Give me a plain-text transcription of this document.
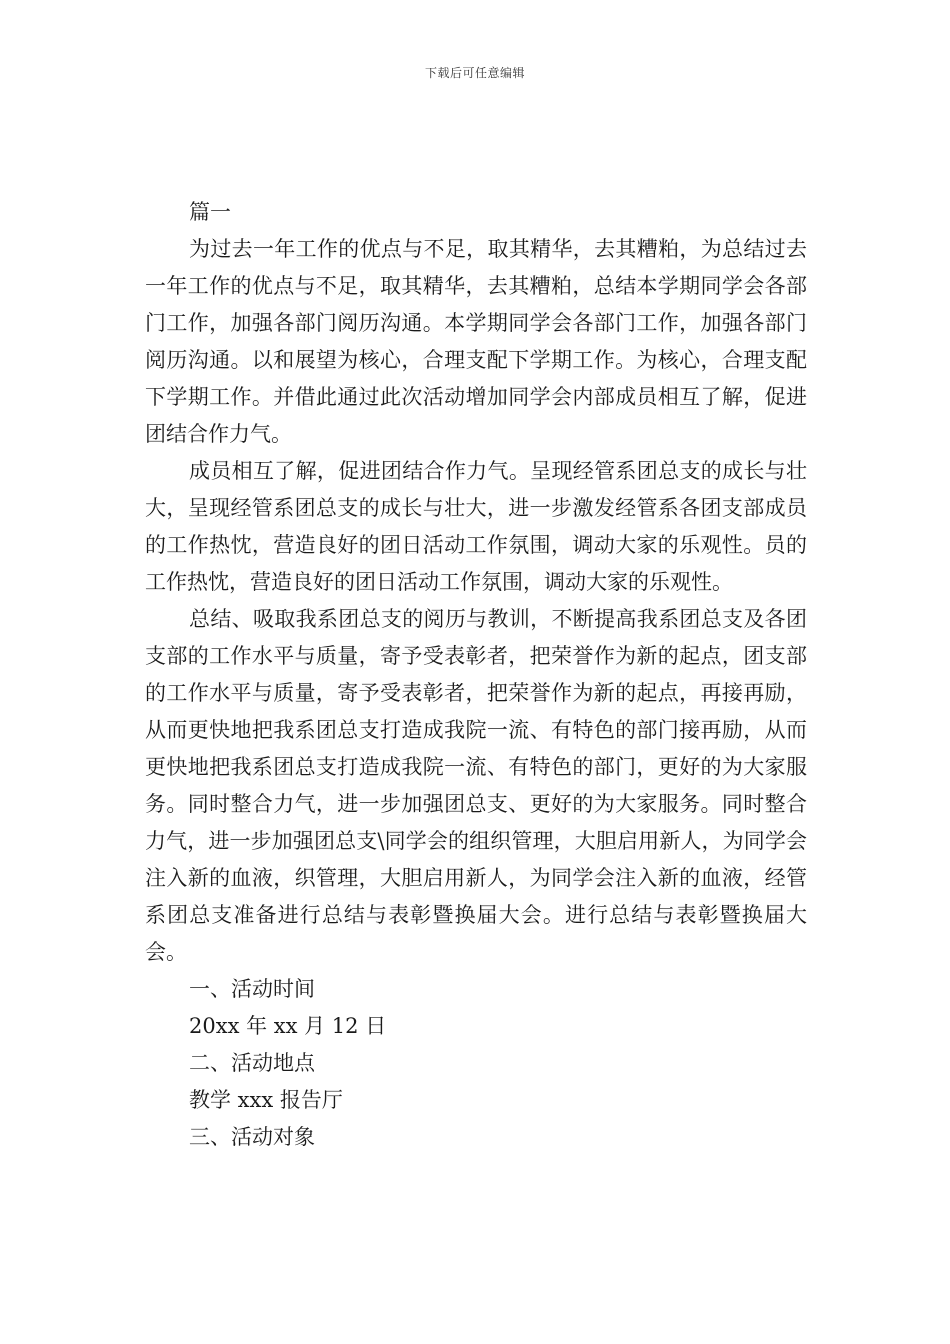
下载后可任意编辑

篇一

为过去一年工作的优点与不足，取其精华，去其糟粕，为总结过去一年工作的优点与不足，取其精华，去其糟粕，总结本学期同学会各部门工作，加强各部门阅历沟通。本学期同学会各部门工作，加强各部门阅历沟通。以和展望为核心，合理支配下学期工作。为核心，合理支配下学期工作。并借此通过此次活动增加同学会内部成员相互了解，促进团结合作力气。

成员相互了解，促进团结合作力气。呈现经管系团总支的成长与壮大，呈现经管系团总支的成长与壮大，进一步激发经管系各团支部成员的工作热忱，营造良好的团日活动工作氛围，调动大家的乐观性。员的工作热忱，营造良好的团日活动工作氛围，调动大家的乐观性。

总结、吸取我系团总支的阅历与教训，不断提高我系团总支及各团支部的工作水平与质量，寄予受表彰者，把荣誉作为新的起点，团支部的工作水平与质量，寄予受表彰者，把荣誉作为新的起点，再接再励，从而更快地把我系团总支打造成我院一流、有特色的部门接再励，从而更快地把我系团总支打造成我院一流、有特色的部门，更好的为大家服务。同时整合力气，进一步加强团总支、更好的为大家服务。同时整合力气，进一步加强团总支\同学会的组织管理，大胆启用新人，为同学会注入新的血液，织管理，大胆启用新人，为同学会注入新的血液，经管系团总支准备进行总结与表彰暨换届大会。进行总结与表彰暨换届大会。

一、活动时间

20xx 年 xx 月 12 日

二、活动地点

教学 xxx 报告厅

三、活动对象
